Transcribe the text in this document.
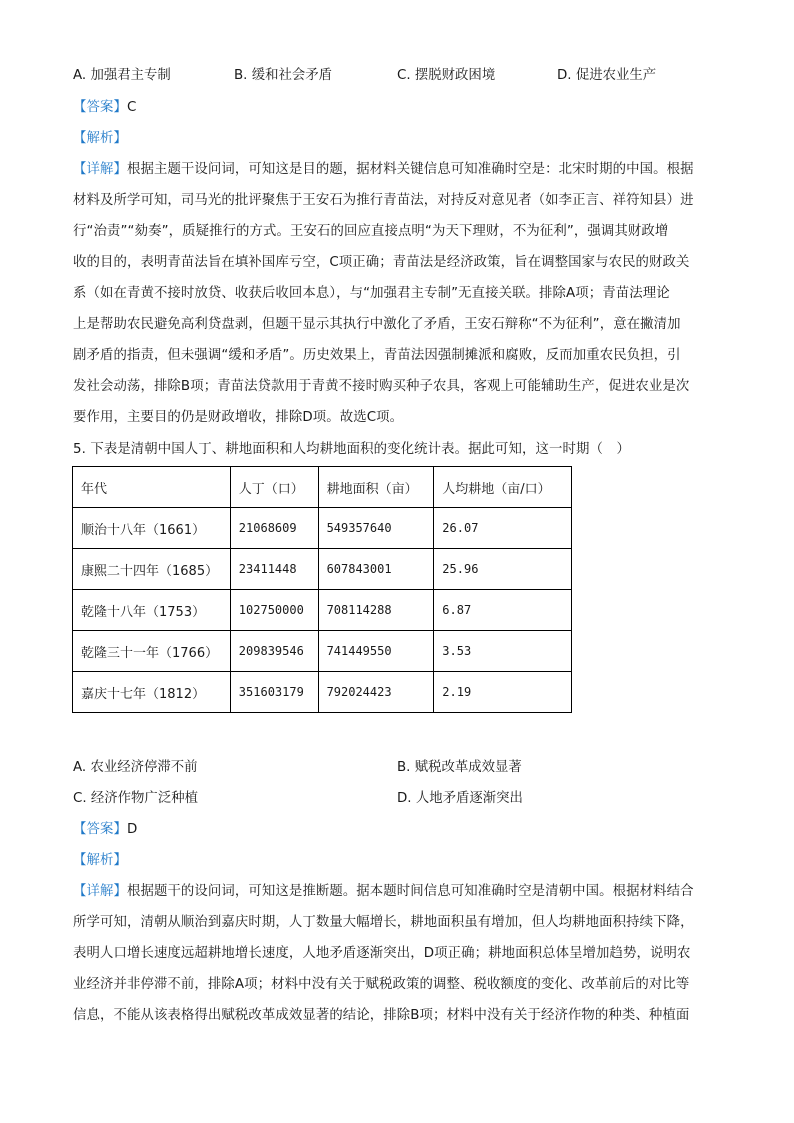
A. 加强君主专制	B. 缓和社会矛盾	C. 摆脱财政困境	D. 促进农业生产
【答案】C
【解析】
【详解】根据主题干设问词，可知这是目的题，据材料关键信息可知准确时空是：北宋时期的中国。根据
材料及所学可知，司马光的批评聚焦于王安石为推行青苗法，对持反对意见者（如李正言、祥符知县）进
行“治责”“劾奏”，质疑推行的方式。王安石的回应直接点明“为天下理财，不为征利”，强调其财政增
收的目的，表明青苗法旨在填补国库亏空，C项正确；青苗法是经济政策，旨在调整国家与农民的财政关
系（如在青黄不接时放贷、收获后收回本息），与“加强君主专制”无直接关联。排除A项；青苗法理论
上是帮助农民避免高利贷盘剥，但题干显示其执行中激化了矛盾，王安石辩称“不为征利”，意在撇清加
剧矛盾的指责，但未强调“缓和矛盾”。历史效果上，青苗法因强制摊派和腐败，反而加重农民负担，引
发社会动荡，排除B项；青苗法贷款用于青黄不接时购买种子农具，客观上可能辅助生产，促进农业是次
要作用，主要目的仍是财政增收，排除D项。故选C项。
5. 下表是清朝中国人丁、耕地面积和人均耕地面积的变化统计表。据此可知，这一时期（　）
年代	人丁（口）	耕地面积（亩）	人均耕地（亩/口）
顺治十八年（1661）	21068609	549357640	26.07
康熙二十四年（1685）	23411448	607843001	25.96
乾隆十八年（1753）	102750000	708114288	6.87
乾隆三十一年（1766）	209839546	741449550	3.53
嘉庆十七年（1812）	351603179	792024423	2.19
A. 农业经济停滞不前	B. 赋税改革成效显著
C. 经济作物广泛种植	D. 人地矛盾逐渐突出
【答案】D
【解析】
【详解】根据题干的设问词，可知这是推断题。据本题时间信息可知准确时空是清朝中国。根据材料结合
所学可知，清朝从顺治到嘉庆时期，人丁数量大幅增长，耕地面积虽有增加，但人均耕地面积持续下降，
表明人口增长速度远超耕地增长速度，人地矛盾逐渐突出，D项正确；耕地面积总体呈增加趋势，说明农
业经济并非停滞不前，排除A项；材料中没有关于赋税政策的调整、税收额度的变化、改革前后的对比等
信息，不能从该表格得出赋税改革成效显著的结论，排除B项；材料中没有关于经济作物的种类、种植面
